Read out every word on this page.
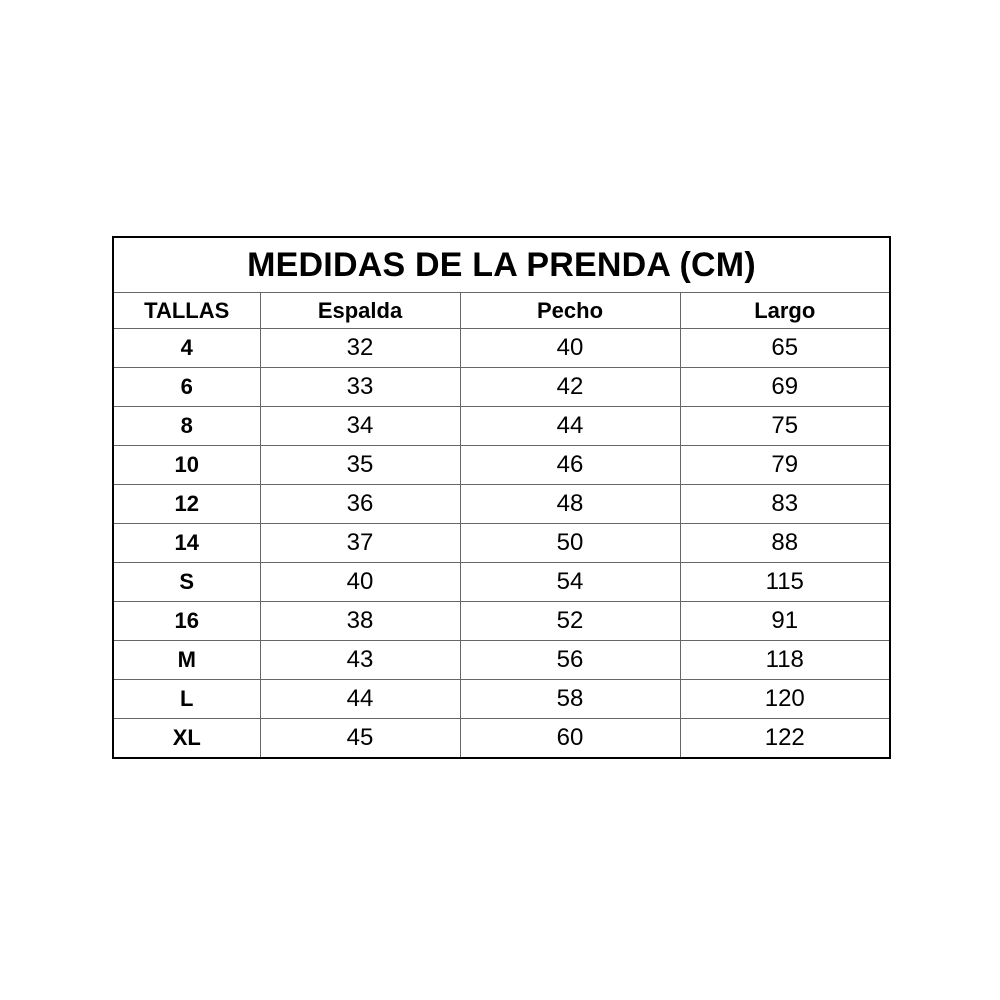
MEDIDAS DE LA PRENDA (CM)			
TALLAS	Espalda	Pecho	Largo
4	32	40	65
6	33	42	69
8	34	44	75
10	35	46	79
12	36	48	83
14	37	50	88
S	40	54	115
16	38	52	91
M	43	56	118
L	44	58	120
XL	45	60	122
